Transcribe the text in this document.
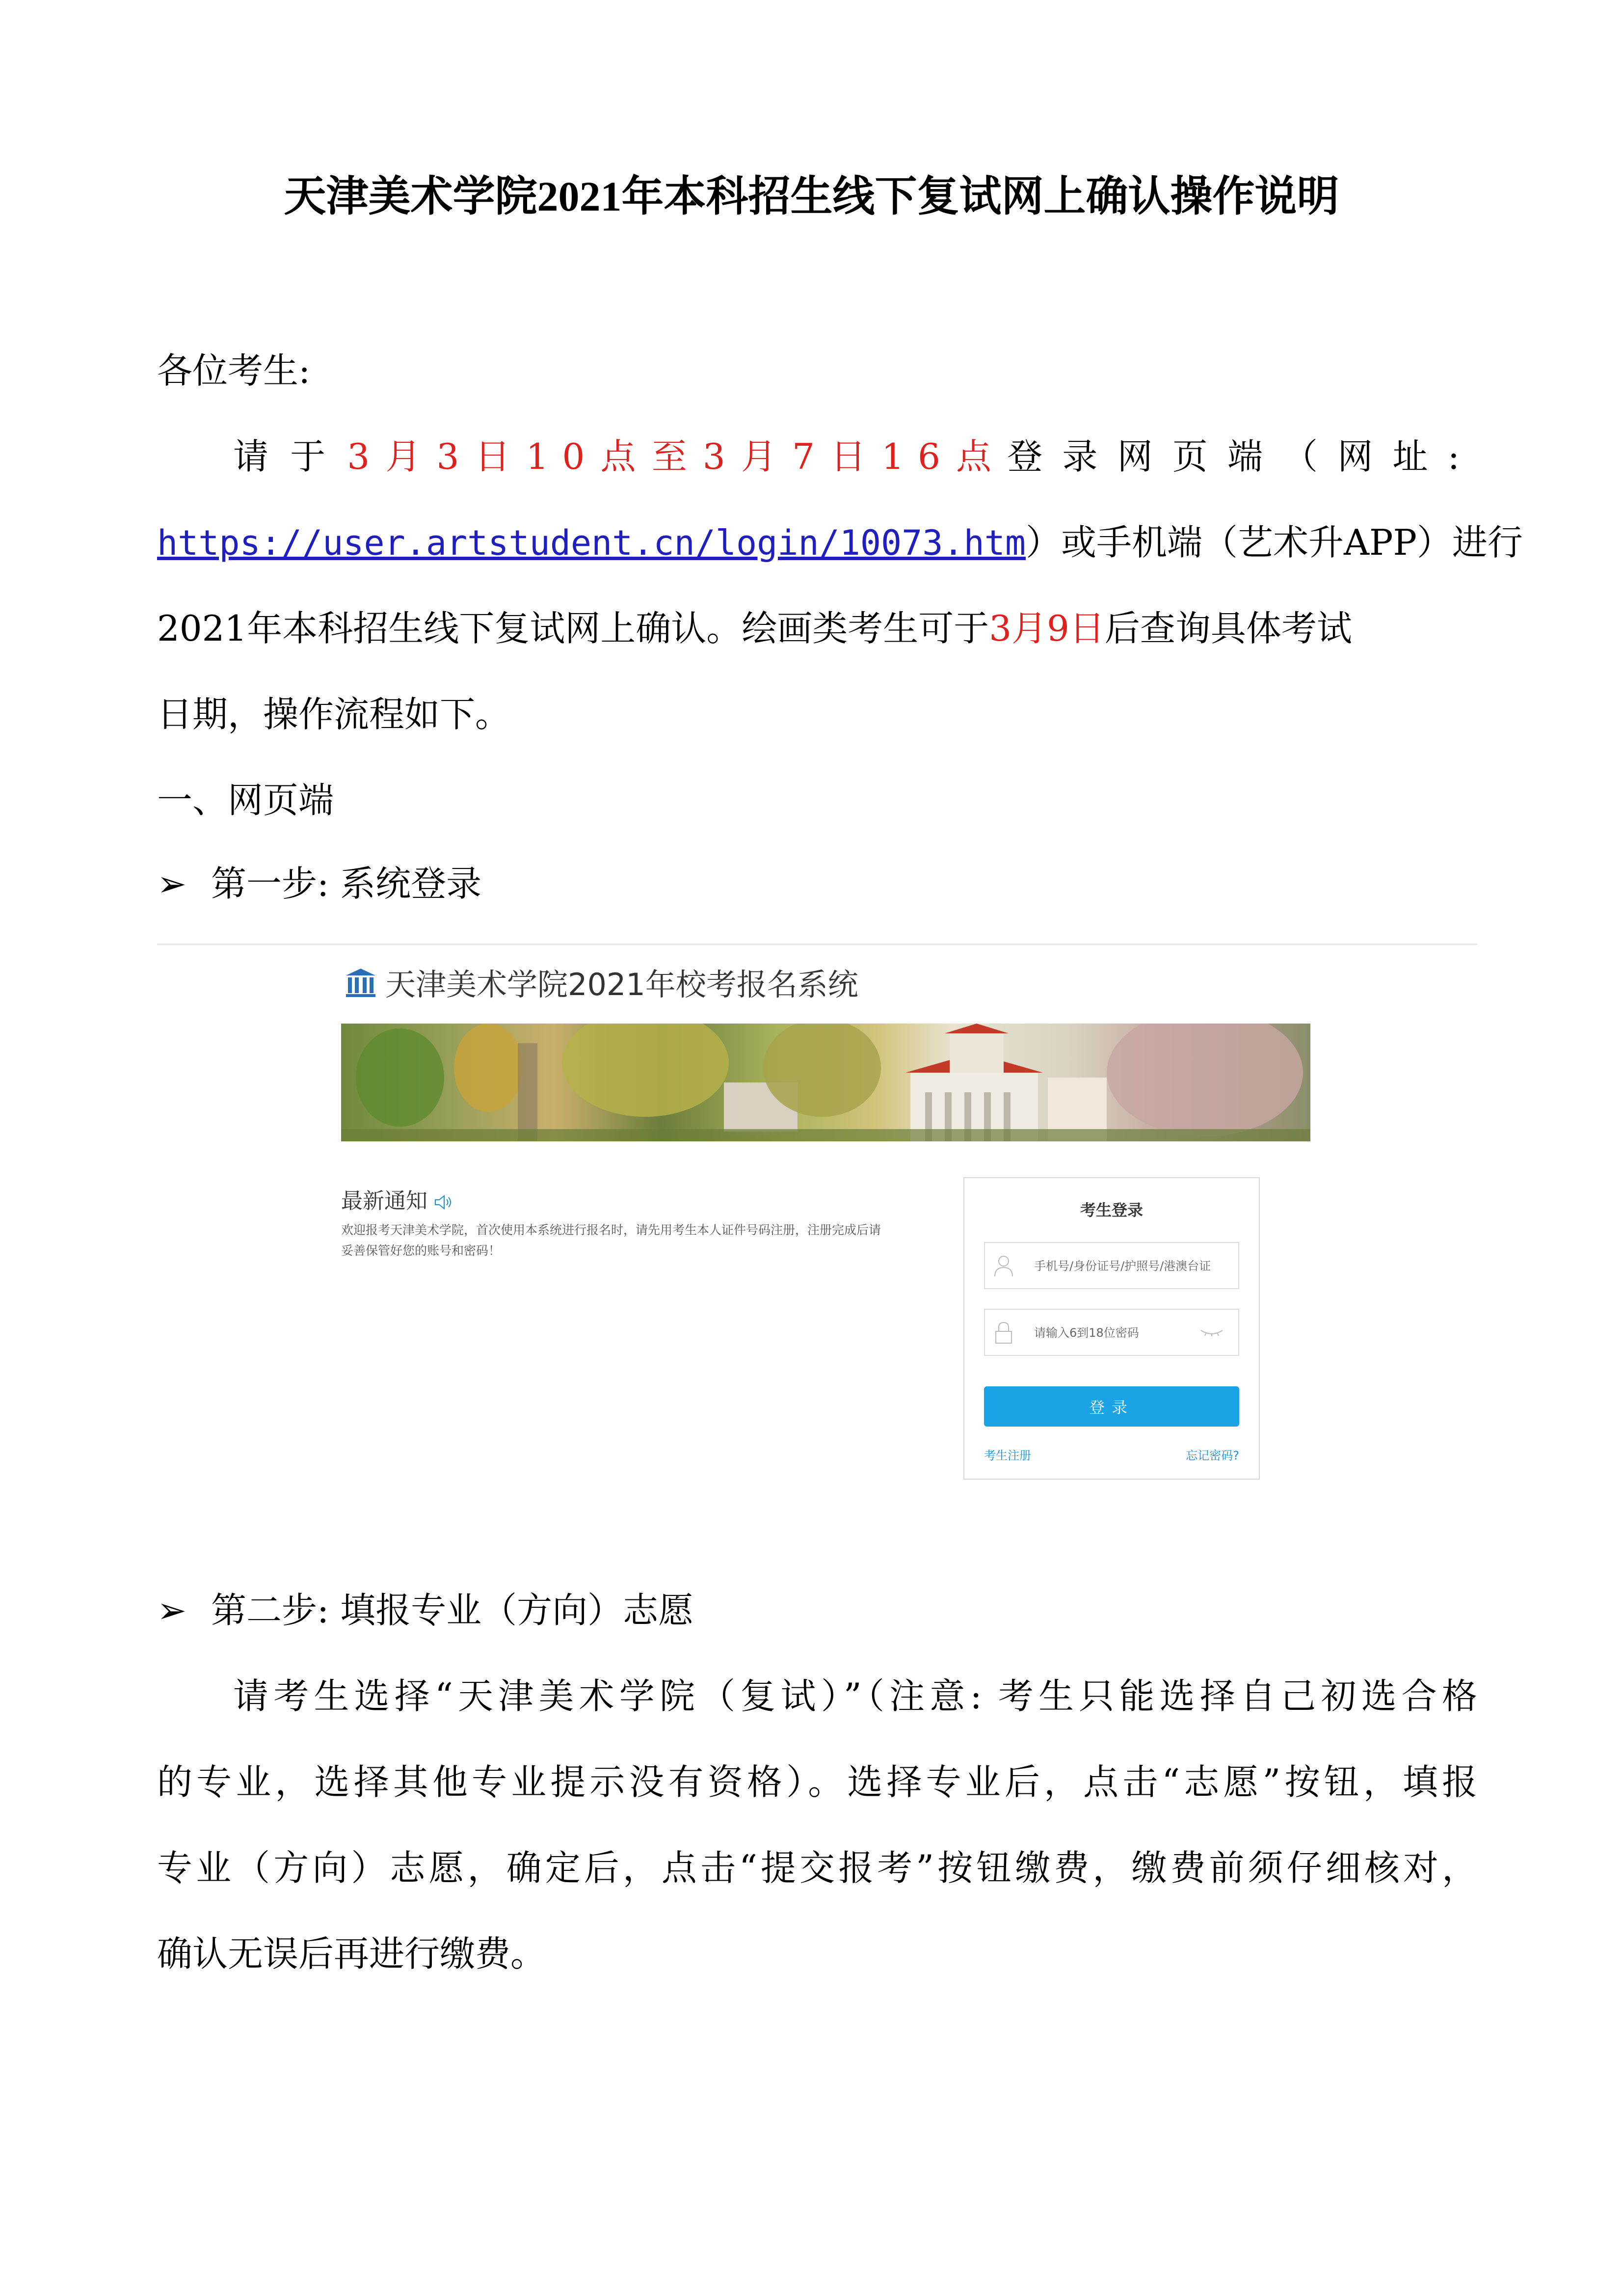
天津美术学院2021年本科招生线下复试网上确认操作说明
各位考生:
请于3月3日10点至3月7日16点登录网页端（网址:
https://user.artstudent.cn/login/10073.htm）或手机端（艺术升APP）进行
2021年本科招生线下复试网上确认。绘画类考生可于3月9日后查询具体考试
日期，操作流程如下。
一、网页端
➢ 第一步: 系统登录
天津美术学院2021年校考报名系统
最新通知
欢迎报考天津美术学院，首次使用本系统进行报名时，请先用考生本人证件号码注册，注册完成后请妥善保管好您的账号和密码！
考生登录
手机号/身份证号/护照号/港澳台证
请输入6到18位密码
登录
考生注册	忘记密码?
➢ 第二步: 填报专业（方向）志愿
请考生选择“天津美术学院（复试）”（注意: 考生只能选择自己初选合格
的专业，选择其他专业提示没有资格）。选择专业后，点击“志愿”按钮，填报
专业（方向）志愿，确定后，点击“提交报考”按钮缴费，缴费前须仔细核对，
确认无误后再进行缴费。
